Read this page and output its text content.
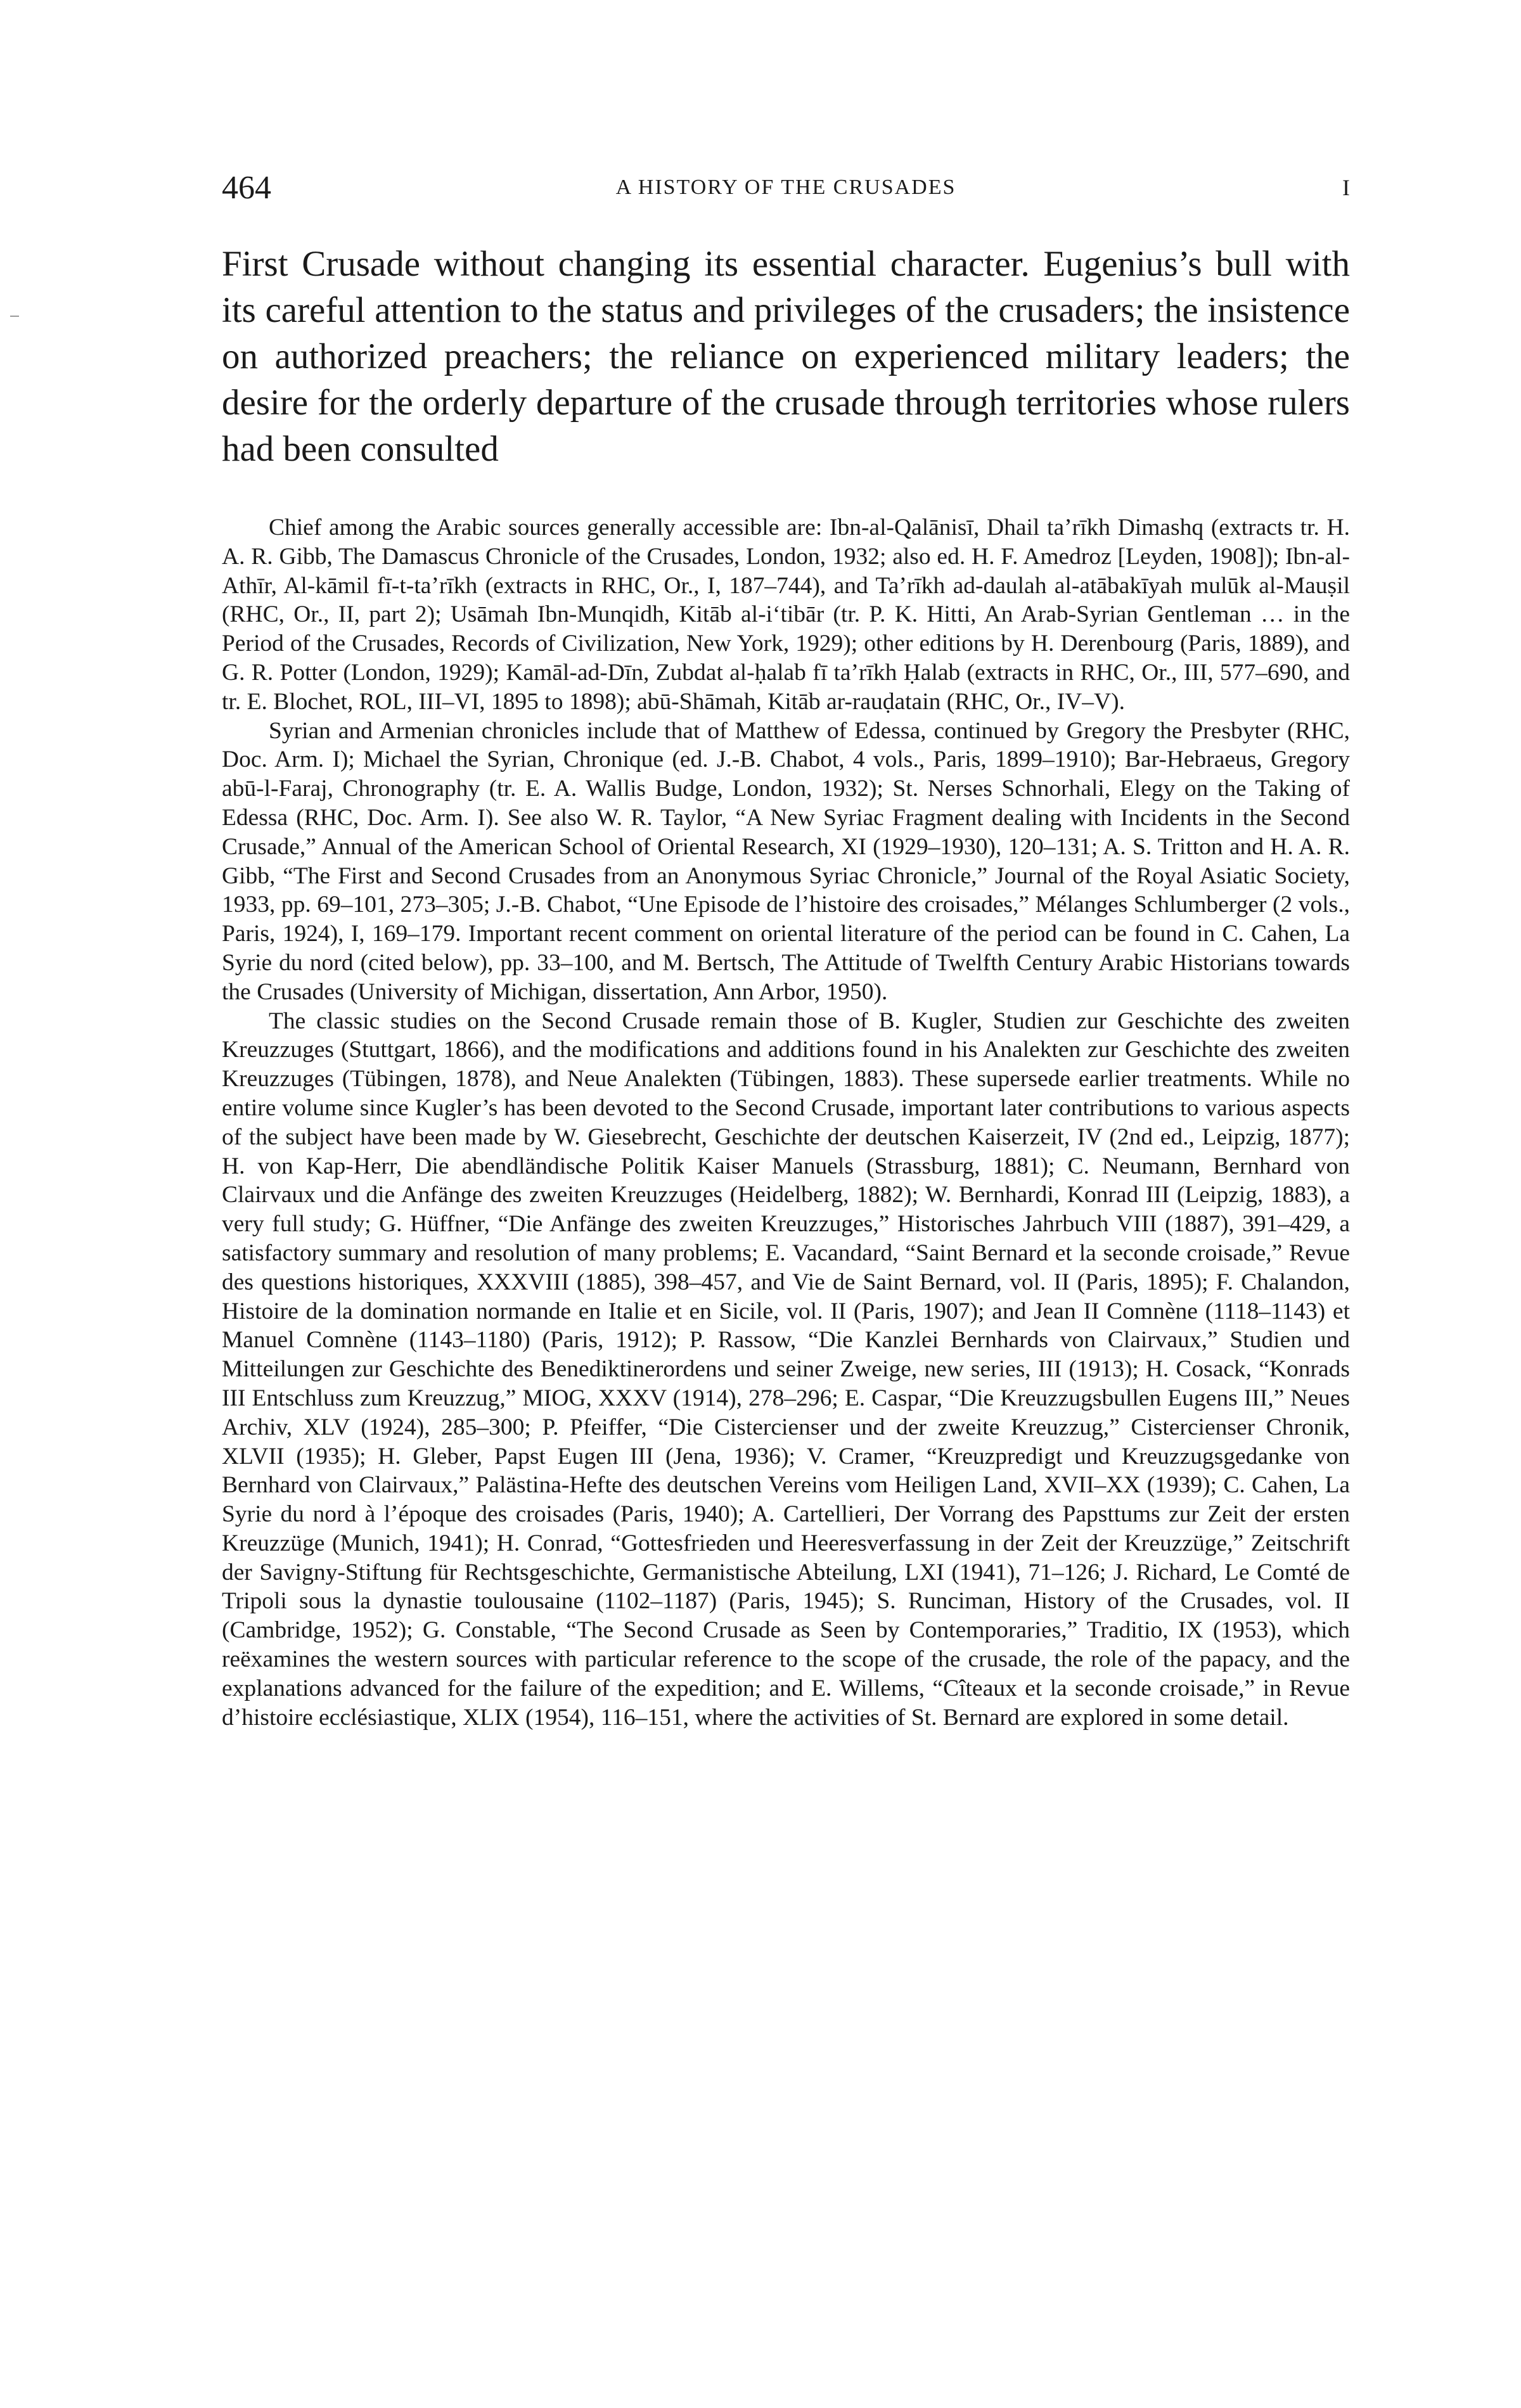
464	A HISTORY OF THE CRUSADES	I

First Crusade without changing its essential character. Eugenius’s bull with its careful attention to the status and privileges of the crusaders; the insistence on authorized preachers; the reliance on experienced military leaders; the desire for the orderly departure of the crusade through territories whose rulers had been consulted

Chief among the Arabic sources generally accessible are: Ibn-al-Qalānisī, Dhail ta’rīkh Dimashq (extracts tr. H. A. R. Gibb, The Damascus Chronicle of the Crusades, London, 1932; also ed. H. F. Amedroz [Leyden, 1908]); Ibn-al-Athīr, Al-kāmil fī-t-ta’rīkh (extracts in RHC, Or., I, 187–744), and Ta’rīkh ad-daulah al-atābakīyah mulūk al-Mauṣil (RHC, Or., II, part 2); Usāmah Ibn-Munqidh, Kitāb al-i‘tibār (tr. P. K. Hitti, An Arab-Syrian Gentleman … in the Period of the Crusades, Records of Civilization, New York, 1929); other editions by H. Derenbourg (Paris, 1889), and G. R. Potter (London, 1929); Kamāl-ad-Dīn, Zubdat al-ḥalab fī ta’rīkh Ḥalab (extracts in RHC, Or., III, 577–690, and tr. E. Blochet, ROL, III–VI, 1895 to 1898); abū-Shāmah, Kitāb ar-rauḍatain (RHC, Or., IV–V).

Syrian and Armenian chronicles include that of Matthew of Edessa, continued by Gregory the Presbyter (RHC, Doc. Arm. I); Michael the Syrian, Chronique (ed. J.-B. Chabot, 4 vols., Paris, 1899–1910); Bar-Hebraeus, Gregory abū-l-Faraj, Chronography (tr. E. A. Wallis Budge, London, 1932); St. Nerses Schnorhali, Elegy on the Taking of Edessa (RHC, Doc. Arm. I). See also W. R. Taylor, “A New Syriac Fragment dealing with Incidents in the Second Crusade,” Annual of the American School of Oriental Research, XI (1929–1930), 120–131; A. S. Tritton and H. A. R. Gibb, “The First and Second Crusades from an Anonymous Syriac Chronicle,” Journal of the Royal Asiatic Society, 1933, pp. 69–101, 273–305; J.-B. Chabot, “Une Episode de l’histoire des croisades,” Mélanges Schlumberger (2 vols., Paris, 1924), I, 169–179. Important recent comment on oriental literature of the period can be found in C. Cahen, La Syrie du nord (cited below), pp. 33–100, and M. Bertsch, The Attitude of Twelfth Century Arabic Historians towards the Crusades (University of Michigan, dissertation, Ann Arbor, 1950).

The classic studies on the Second Crusade remain those of B. Kugler, Studien zur Geschichte des zweiten Kreuzzuges (Stuttgart, 1866), and the modifications and additions found in his Analekten zur Geschichte des zweiten Kreuzzuges (Tübingen, 1878), and Neue Analekten (Tübingen, 1883). These supersede earlier treatments. While no entire volume since Kugler’s has been devoted to the Second Crusade, important later contributions to various aspects of the subject have been made by W. Giesebrecht, Geschichte der deutschen Kaiserzeit, IV (2nd ed., Leipzig, 1877); H. von Kap-Herr, Die abendländische Politik Kaiser Manuels (Strassburg, 1881); C. Neumann, Bernhard von Clairvaux und die Anfänge des zweiten Kreuzzuges (Heidelberg, 1882); W. Bernhardi, Konrad III (Leipzig, 1883), a very full study; G. Hüffner, “Die Anfänge des zweiten Kreuzzuges,” Historisches Jahrbuch VIII (1887), 391–429, a satisfactory summary and resolution of many problems; E. Vacandard, “Saint Bernard et la seconde croisade,” Revue des questions historiques, XXXVIII (1885), 398–457, and Vie de Saint Bernard, vol. II (Paris, 1895); F. Chalandon, Histoire de la domination normande en Italie et en Sicile, vol. II (Paris, 1907); and Jean II Comnène (1118–1143) et Manuel Comnène (1143–1180) (Paris, 1912); P. Rassow, “Die Kanzlei Bernhards von Clairvaux,” Studien und Mitteilungen zur Geschichte des Benediktinerordens und seiner Zweige, new series, III (1913); H. Cosack, “Konrads III Entschluss zum Kreuzzug,” MIOG, XXXV (1914), 278–296; E. Caspar, “Die Kreuzzugsbullen Eugens III,” Neues Archiv, XLV (1924), 285–300; P. Pfeiffer, “Die Cistercienser und der zweite Kreuzzug,” Cistercienser Chronik, XLVII (1935); H. Gleber, Papst Eugen III (Jena, 1936); V. Cramer, “Kreuzpredigt und Kreuzzugsgedanke von Bernhard von Clairvaux,” Palästina-Hefte des deutschen Vereins vom Heiligen Land, XVII–XX (1939); C. Cahen, La Syrie du nord à l’époque des croisades (Paris, 1940); A. Cartellieri, Der Vorrang des Papsttums zur Zeit der ersten Kreuzzüge (Munich, 1941); H. Conrad, “Gottesfrieden und Heeresverfassung in der Zeit der Kreuzzüge,” Zeitschrift der Savigny-Stiftung für Rechtsgeschichte, Germanistische Abteilung, LXI (1941), 71–126; J. Richard, Le Comté de Tripoli sous la dynastie toulousaine (1102–1187) (Paris, 1945); S. Runciman, History of the Crusades, vol. II (Cambridge, 1952); G. Constable, “The Second Crusade as Seen by Contemporaries,” Traditio, IX (1953), which reëxamines the western sources with particular reference to the scope of the crusade, the role of the papacy, and the explanations advanced for the failure of the expedition; and E. Willems, “Cîteaux et la seconde croisade,” in Revue d’histoire ecclésiastique, XLIX (1954), 116–151, where the activities of St. Bernard are explored in some detail.
